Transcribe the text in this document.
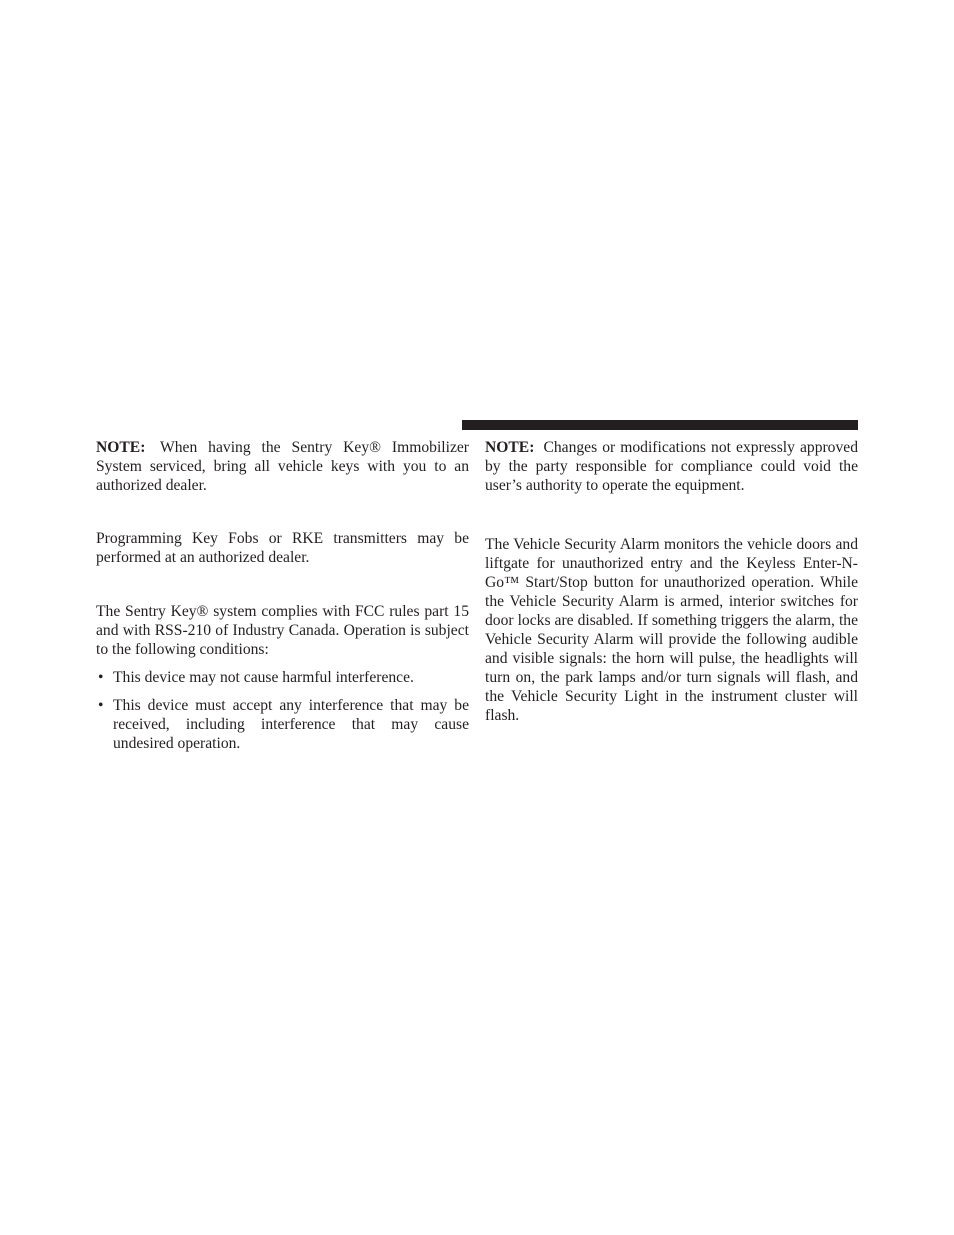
NOTE: When having the Sentry Key® Immobilizer System serviced, bring all vehicle keys with you to an authorized dealer.

Programming Key Fobs or RKE transmitters may be performed at an authorized dealer.

The Sentry Key® system complies with FCC rules part 15 and with RSS-210 of Industry Canada. Operation is subject to the following conditions:

• This device may not cause harmful interference.
• This device must accept any interference that may be received, including interference that may cause undesired operation.

NOTE: Changes or modifications not expressly approved by the party responsible for compliance could void the user’s authority to operate the equipment.

The Vehicle Security Alarm monitors the vehicle doors and liftgate for unauthorized entry and the Keyless Enter-N-Go™ Start/Stop button for unauthorized operation. While the Vehicle Security Alarm is armed, interior switches for door locks are disabled. If something triggers the alarm, the Vehicle Security Alarm will provide the following audible and visible signals: the horn will pulse, the headlights will turn on, the park lamps and/or turn signals will flash, and the Vehicle Security Light in the instrument cluster will flash.
